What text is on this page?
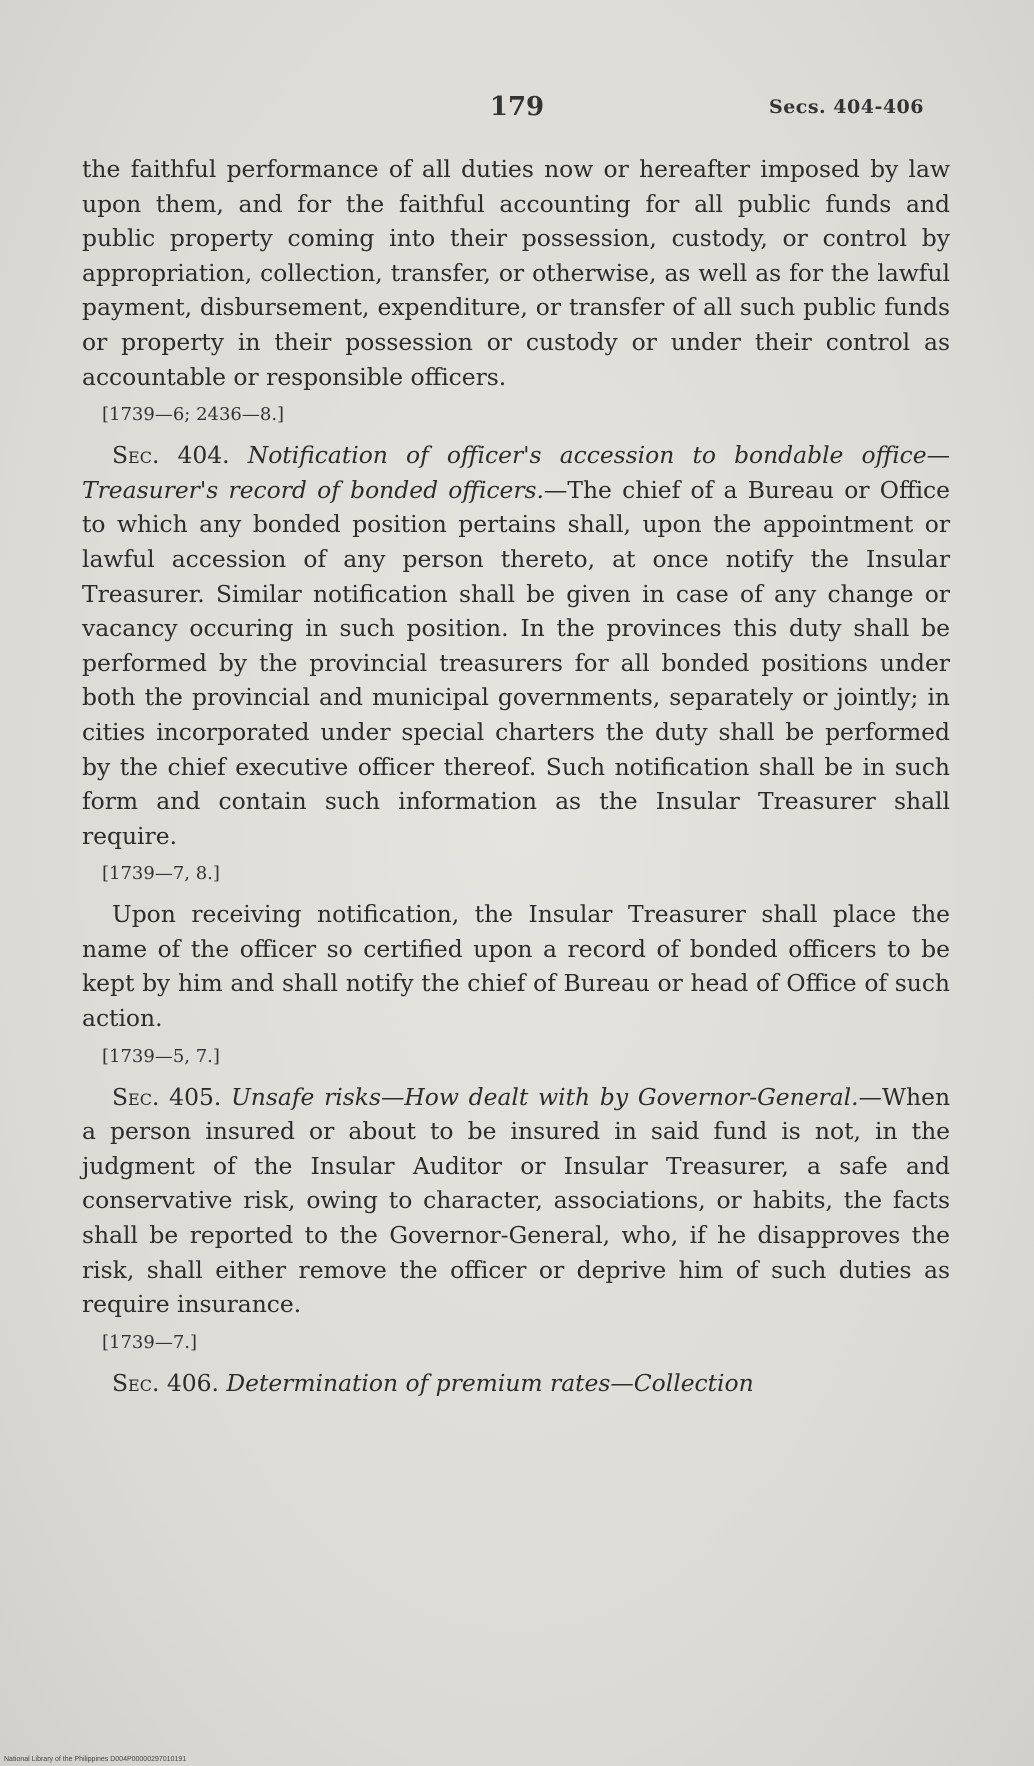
179	Secs. 404-406

the faithful performance of all duties now or hereafter imposed by law upon them, and for the faithful accounting for all public funds and public property coming into their possession, custody, or control by appropriation, collection, transfer, or otherwise, as well as for the lawful payment, disbursement, expenditure, or transfer of all such public funds or property in their possession or custody or under their control as accountable or responsible officers.

[1739—6; 2436—8.]

Sec. 404. Notification of officer's accession to bondable office—Treasurer's record of bonded officers.—The chief of a Bureau or Office to which any bonded position pertains shall, upon the appointment or lawful accession of any person thereto, at once notify the Insular Treasurer. Similar notification shall be given in case of any change or vacancy occuring in such position. In the provinces this duty shall be performed by the provincial treasurers for all bonded positions under both the provincial and municipal governments, separately or jointly; in cities incorporated under special charters the duty shall be performed by the chief executive officer thereof. Such notification shall be in such form and contain such information as the Insular Treasurer shall require.

[1739—7, 8.]

Upon receiving notification, the Insular Treasurer shall place the name of the officer so certified upon a record of bonded officers to be kept by him and shall notify the chief of Bureau or head of Office of such action.

[1739—5, 7.]

Sec. 405. Unsafe risks—How dealt with by Governor-General.—When a person insured or about to be insured in said fund is not, in the judgment of the Insular Auditor or Insular Treasurer, a safe and conservative risk, owing to character, associations, or habits, the facts shall be reported to the Governor-General, who, if he disapproves the risk, shall either remove the officer or deprive him of such duties as require insurance.

[1739—7.]

Sec. 406. Determination of premium rates—Collection

National Library of the Philippines D004P00000297010191
